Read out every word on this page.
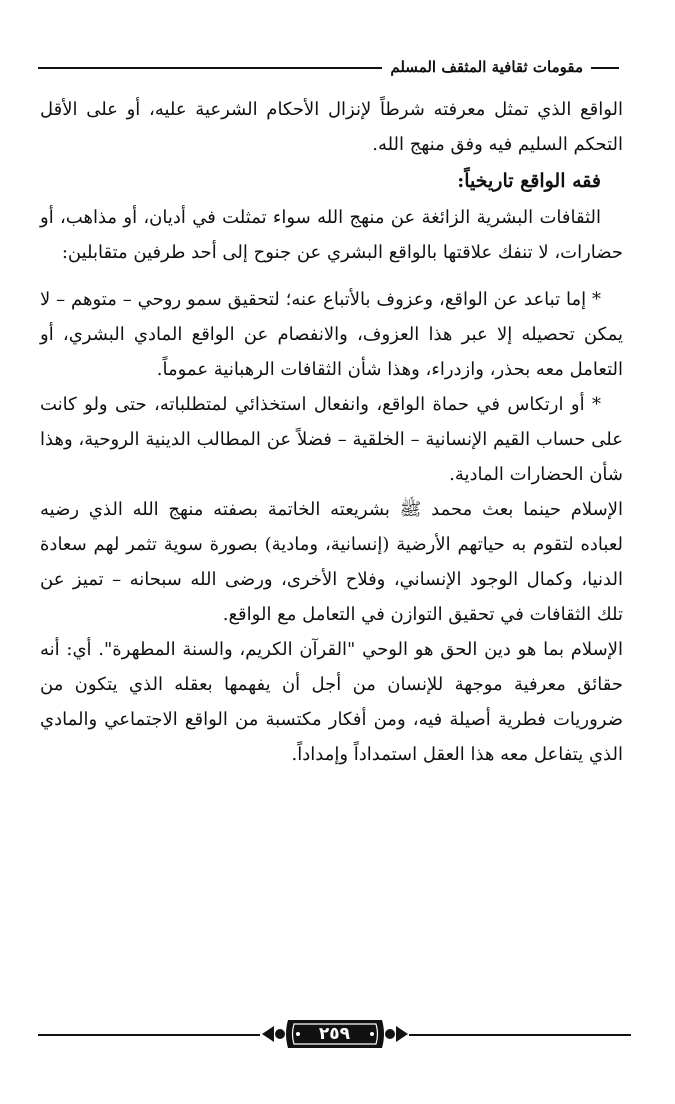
مقومات ثقافية المثقف المسلم

الواقع الذي تمثل معرفته شرطاً لإنزال الأحكام الشرعية عليه، أو على الأقل التحكم السليم فيه وفق منهج الله.

فقه الواقع تاريخياً:

الثقافات البشرية الزائغة عن منهج الله سواء تمثلت في أديان، أو مذاهب، أو حضارات، لا تنفك علاقتها بالواقع البشري عن جنوح إلى أحد طرفين متقابلين:

* إما تباعد عن الواقع، وعزوف بالأتباع عنه؛ لتحقيق سمو روحي – متوهم – لا يمكن تحصيله إلا عبر هذا العزوف، والانفصام عن الواقع المادي البشري، أو التعامل معه بحذر، وازدراء، وهذا شأن الثقافات الرهبانية عموماً.

* أو ارتكاس في حماة الواقع، وانفعال استخذائي لمتطلباته، حتى ولو كانت على حساب القيم الإنسانية – الخلقية – فضلاً عن المطالب الدينية الروحية، وهذا شأن الحضارات المادية.

الإسلام حينما بعث محمد ﷺ بشريعته الخاتمة بصفته منهج الله الذي رضيه لعباده لتقوم به حياتهم الأرضية (إنسانية، ومادية) بصورة سوية تثمر لهم سعادة الدنيا، وكمال الوجود الإنساني، وفلاح الأخرى، ورضى الله سبحانه – تميز عن تلك الثقافات في تحقيق التوازن في التعامل مع الواقع.

الإسلام بما هو دين الحق هو الوحي "القرآن الكريم، والسنة المطهرة". أي: أنه حقائق معرفية موجهة للإنسان من أجل أن يفهمها بعقله الذي يتكون من ضروريات فطرية أصيلة فيه، ومن أفكار مكتسبة من الواقع الاجتماعي والمادي الذي يتفاعل معه هذا العقل استمداداً وإمداداً.

٢٥٩
